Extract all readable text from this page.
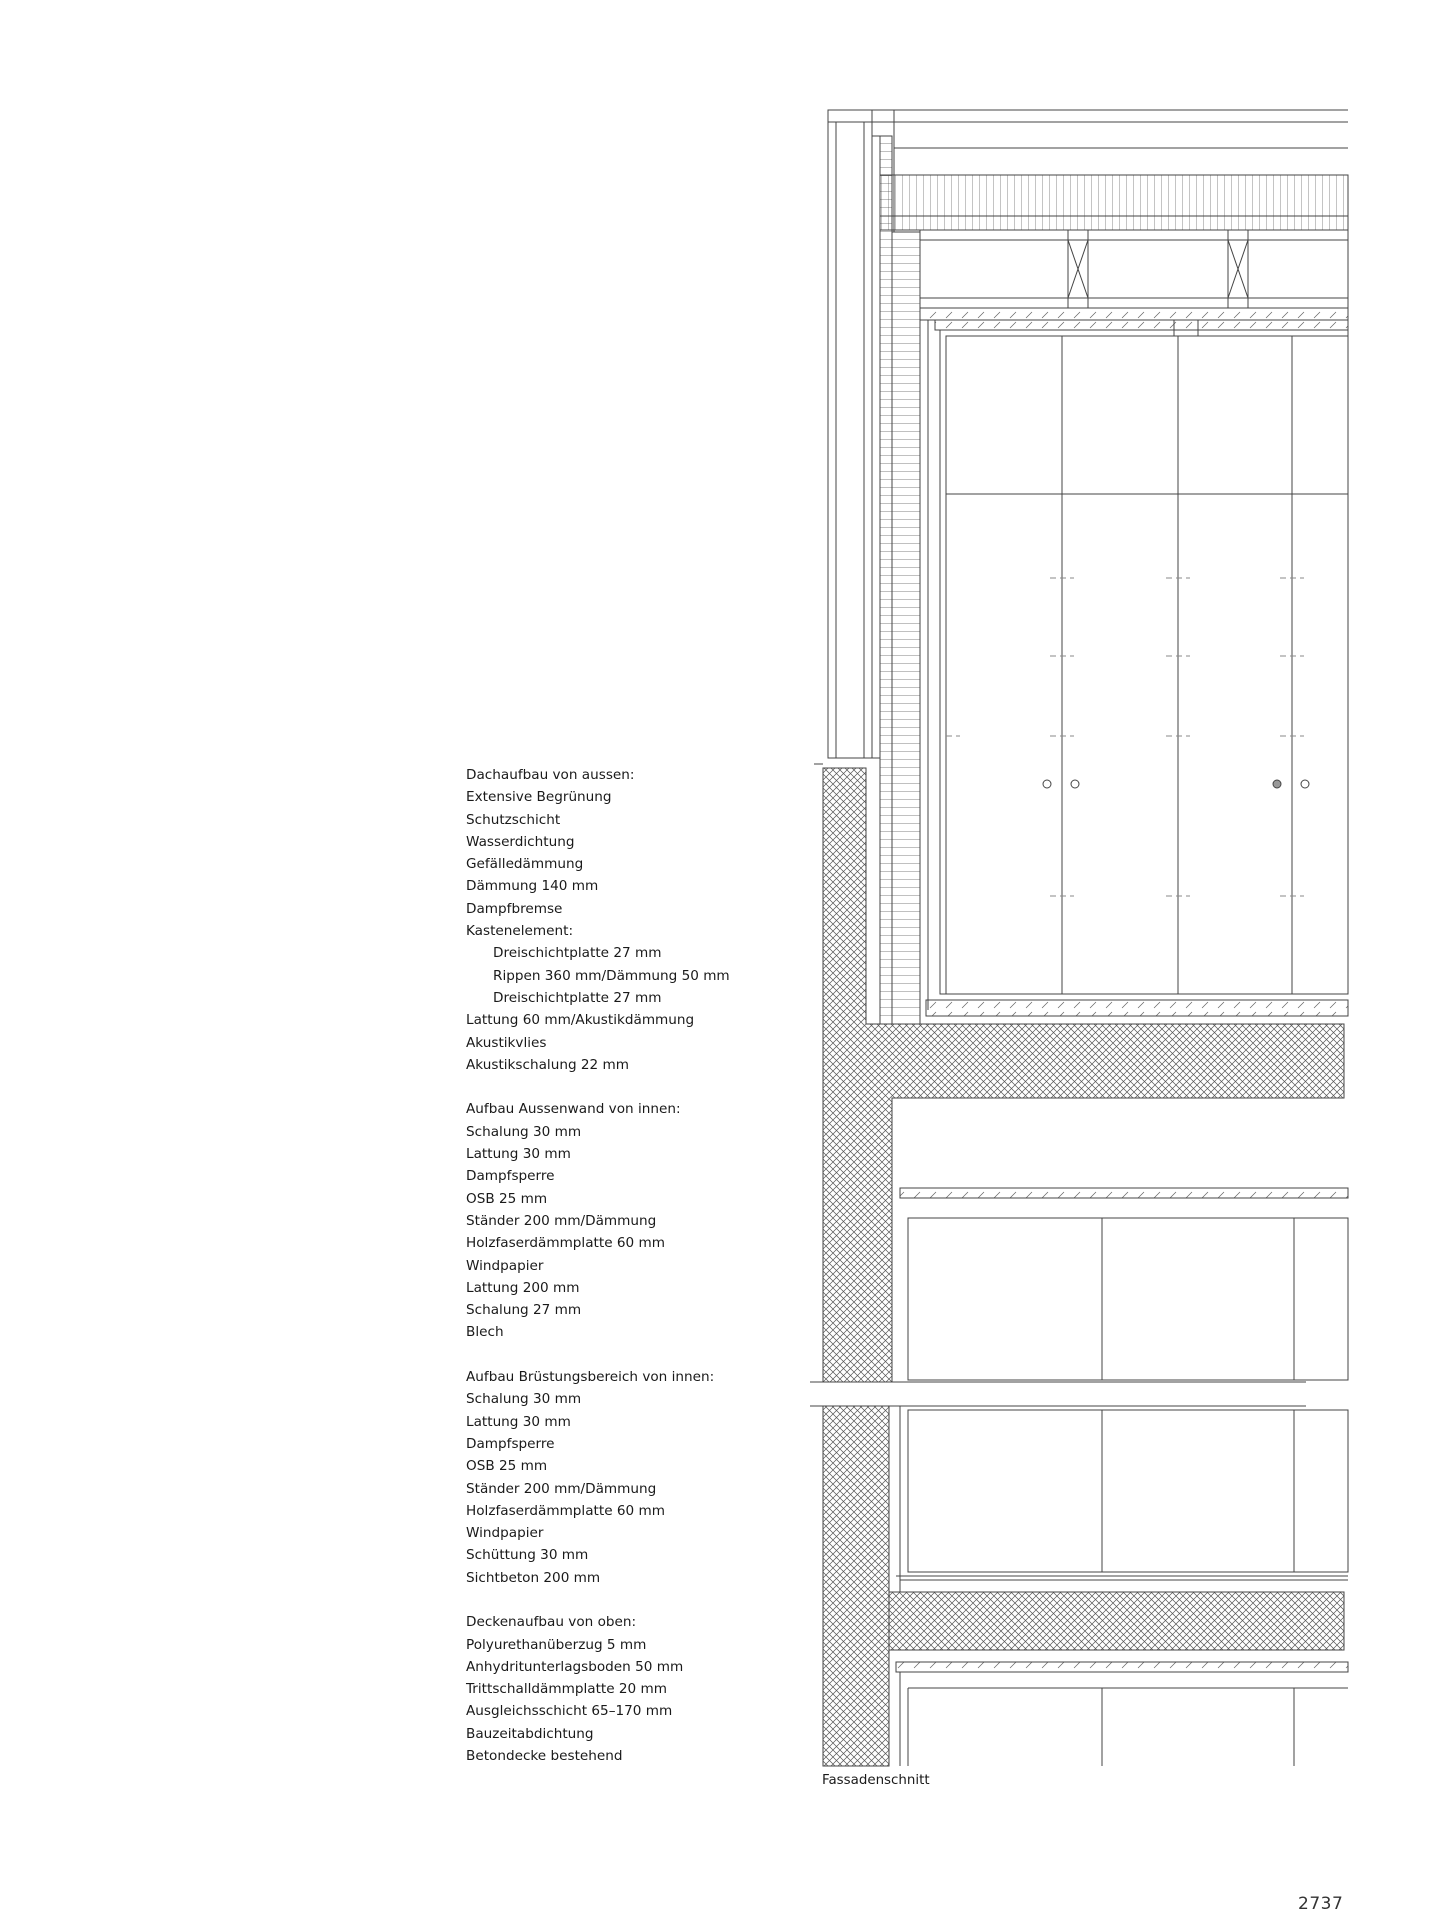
Dachaufbau von aussen:
Extensive Begrünung
Schutzschicht
Wasserdichtung
Gefälledämmung
Dämmung 140 mm
Dampfbremse
Kastenelement:
Dreischichtplatte 27 mm
Rippen 360 mm/Dämmung 50 mm
Dreischichtplatte 27 mm
Lattung 60 mm/Akustikdämmung
Akustikvlies
Akustikschalung 22 mm
Aufbau Aussenwand von innen:
Schalung 30 mm
Lattung 30 mm
Dampfsperre
OSB 25 mm
Ständer 200 mm/Dämmung
Holzfaserdämmplatte 60 mm
Windpapier
Lattung 200 mm
Schalung 27 mm
Blech
Aufbau Brüstungsbereich von innen:
Schalung 30 mm
Lattung 30 mm
Dampfsperre
OSB 25 mm
Ständer 200 mm/Dämmung
Holzfaserdämmplatte 60 mm
Windpapier
Schüttung 30 mm
Sichtbeton 200 mm
Deckenaufbau von oben:
Polyurethanüberzug 5 mm
Anhydritunterlagsboden 50 mm
Trittschalldämmplatte 20 mm
Ausgleichsschicht 65–170 mm
Bauzeitabdichtung
Betondecke bestehend
Fassadenschnitt
2737
